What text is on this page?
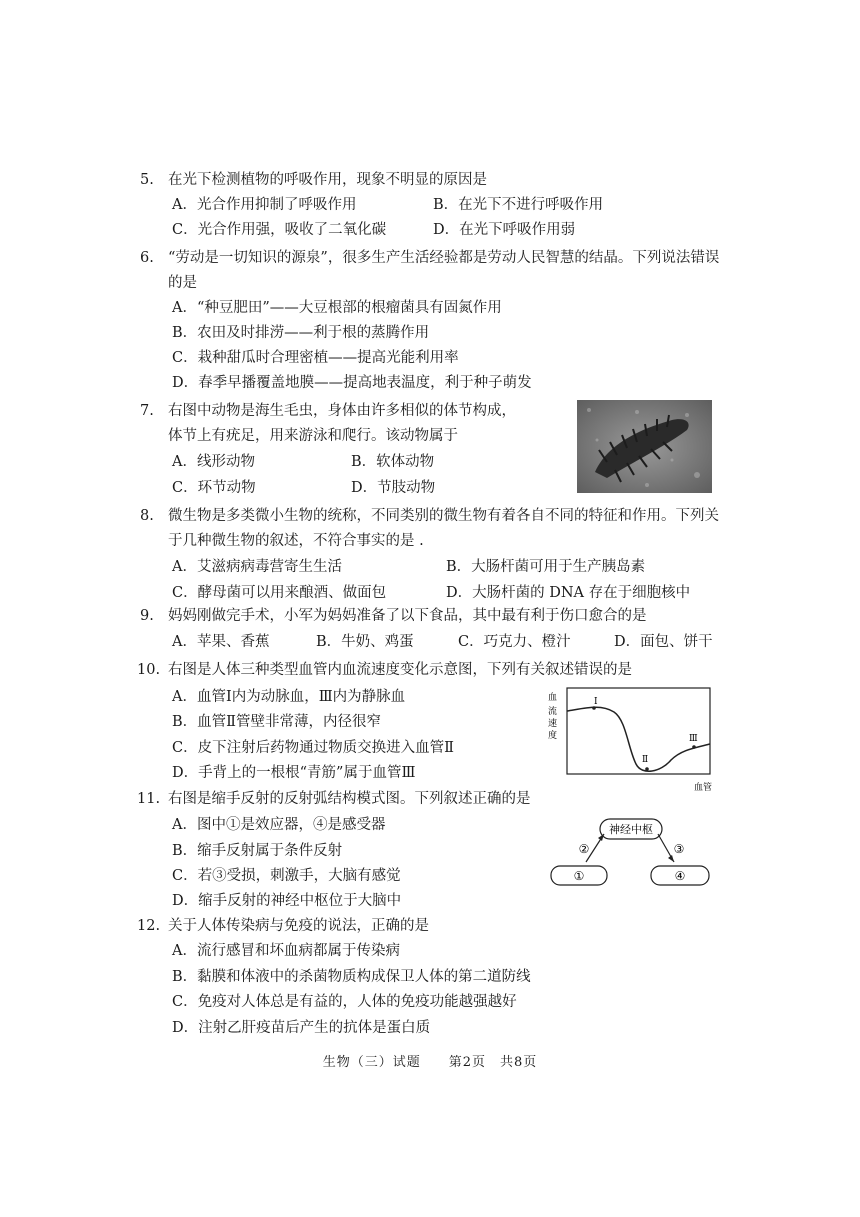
5. 在光下检测植物的呼吸作用，现象不明显的原因是
A．光合作用抑制了呼吸作用	B．在光下不进行呼吸作用
C．光合作用强，吸收了二氧化碳	D．在光下呼吸作用弱
6. “劳动是一切知识的源泉”，很多生产生活经验都是劳动人民智慧的结晶。下列说法错误
的是
A．“种豆肥田”——大豆根部的根瘤菌具有固氮作用
B．农田及时排涝——利于根的蒸腾作用
C．栽种甜瓜时合理密植——提高光能利用率
D．春季早播覆盖地膜——提高地表温度，利于种子萌发
7. 右图中动物是海生毛虫，身体由许多相似的体节构成，
体节上有疣足，用来游泳和爬行。该动物属于
A．线形动物	B．软体动物
C．环节动物	D．节肢动物
8. 微生物是多类微小生物的统称，不同类别的微生物有着各自不同的特征和作用。下列关
于几种微生物的叙述，不符合事实的是 .
A．艾滋病病毒营寄生生活	B．大肠杆菌可用于生产胰岛素
C．酵母菌可以用来酿酒、做面包	D．大肠杆菌的 DNA 存在于细胞核中
9. 妈妈刚做完手术，小军为妈妈准备了以下食品，其中最有利于伤口愈合的是
A．苹果、香蕉	B．牛奶、鸡蛋	C．巧克力、橙汁	D．面包、饼干
10. 右图是人体三种类型血管内血流速度变化示意图，下列有关叙述错误的是
A．血管Ⅰ内为动脉血，Ⅲ内为静脉血
B．血管Ⅱ管壁非常薄，内径很窄
C．皮下注射后药物通过物质交换进入血管Ⅱ
D．手背上的一根根“青筋”属于血管Ⅲ
血
流
速
度
Ⅰ
Ⅱ
Ⅲ
血管
11. 右图是缩手反射的反射弧结构模式图。下列叙述正确的是
A．图中①是效应器，④是感受器
B．缩手反射属于条件反射
C．若③受损，刺激手，大脑有感觉
D．缩手反射的神经中枢位于大脑中
神经中枢
②	③
①	④
12. 关于人体传染病与免疫的说法，正确的是
A．流行感冒和坏血病都属于传染病
B．黏膜和体液中的杀菌物质构成保卫人体的第二道防线
C．免疫对人体总是有益的，人体的免疫功能越强越好
D．注射乙肝疫苗后产生的抗体是蛋白质
生物（三）试题　　第2页　共8页
